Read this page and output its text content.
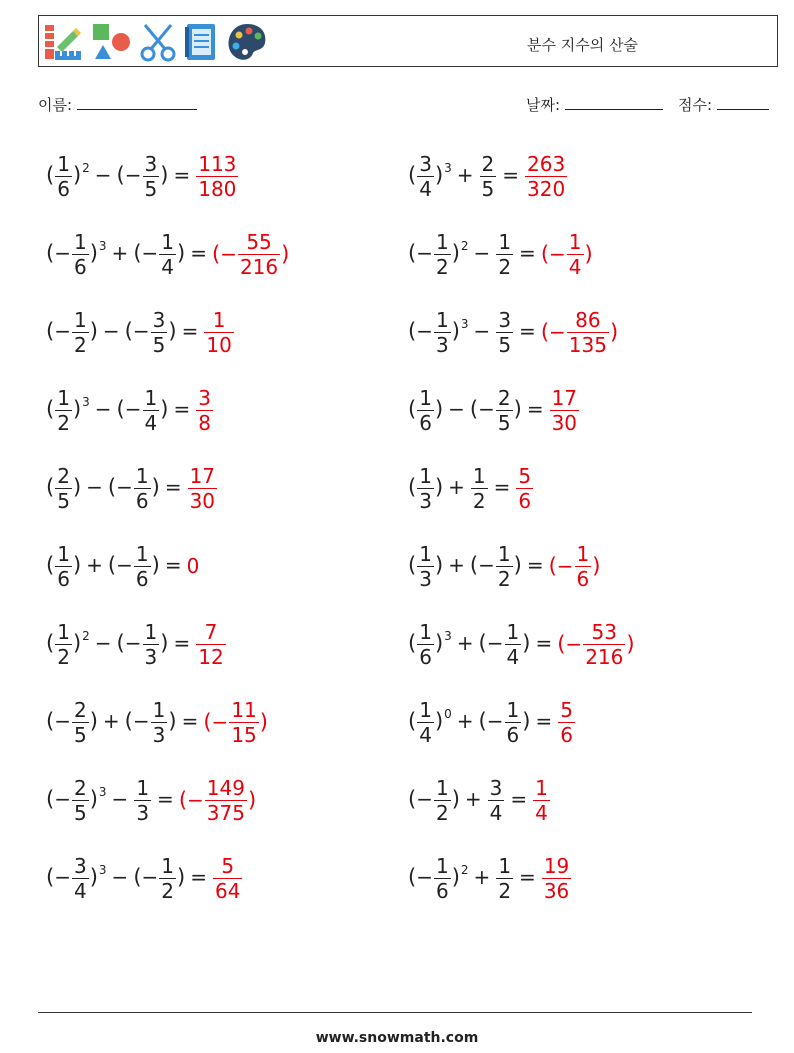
분수 지수의 산술
이름:	날짜:	점수:
( $\frac{1}{6} )^2$ − (− $\frac{3}{5}$ ) = $\frac{113}{180}$	( $\frac{3}{4} )^3 + \frac{2}{5} = \frac{263}{320}$
(− $\frac{1}{6} )^3$ + (− $\frac{1}{4}$ ) = ( − $\frac{55}{216}$ )	(− $\frac{1}{2} )^2 - \frac{1}{2}$ = ( − $\frac{1}{4}$ )
(− $\frac{1}{2}$ ) − (− $\frac{3}{5}$ ) = $\frac{1}{10}$	(− $\frac{1}{3} )^3 - \frac{3}{5}$ = ( − $\frac{86}{135}$ )
( $\frac{1}{2} )^3$ − (− $\frac{1}{4}$ ) = $\frac{3}{8}$	( $\frac{1}{6}$ ) − (− $\frac{2}{5}$ ) = $\frac{17}{30}$
( $\frac{2}{5}$ ) − (− $\frac{1}{6}$ ) = $\frac{17}{30}$	( $\frac{1}{3}$ ) + $\frac{1}{2} = \frac{5}{6}$
( $\frac{1}{6}$ ) + (− $\frac{1}{6}$ ) = 0	( $\frac{1}{3}$ ) + (− $\frac{1}{2}$ ) = ( − $\frac{1}{6}$ )
( $\frac{1}{2} )^2$ − (− $\frac{1}{3}$ ) = $\frac{7}{12}$	( $\frac{1}{6} )^3$ + (− $\frac{1}{4}$ ) = ( − $\frac{53}{216}$ )
(− $\frac{2}{5}$ ) + (− $\frac{1}{3}$ ) = ( − $\frac{11}{15}$ )	( $\frac{1}{4} )^0$ + (− $\frac{1}{6}$ ) = $\frac{5}{6}$
(− $\frac{2}{5} )^3 - \frac{1}{3}$ = ( − $\frac{149}{375}$ )	(− $\frac{1}{2}$ ) + $\frac{3}{4} = \frac{1}{4}$
(− $\frac{3}{4} )^3$ − (− $\frac{1}{2}$ ) = $\frac{5}{64}$	(− $\frac{1}{6} )^2 + \frac{1}{2} = \frac{19}{36}$
www.snowmath.com
